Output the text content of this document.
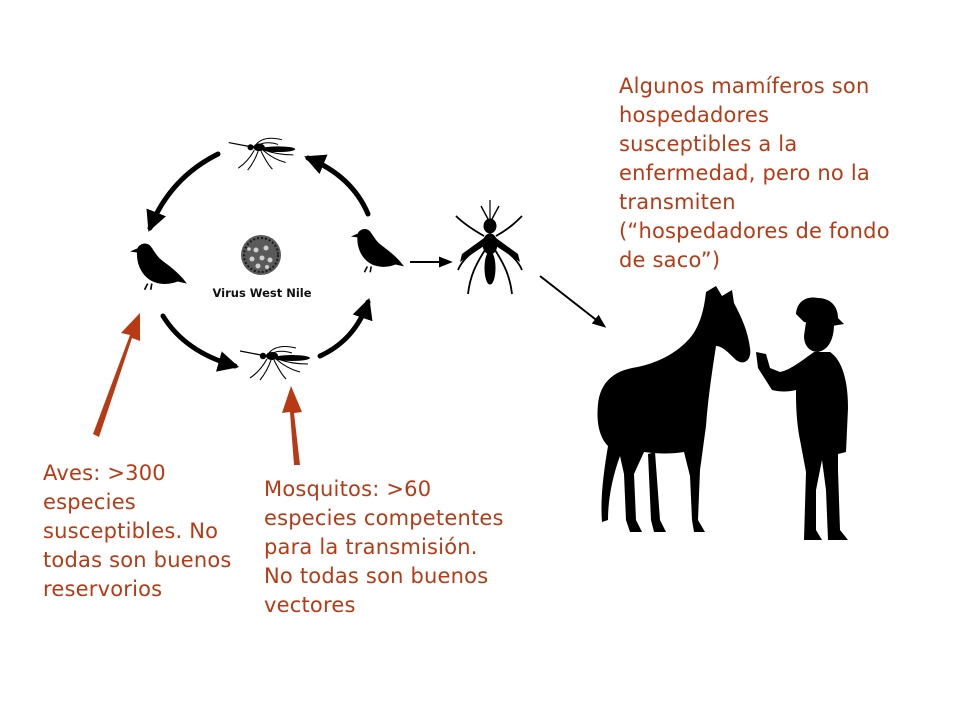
Virus West Nile
Algunos mamíferos son
hospedadores
susceptibles a la
enfermedad, pero no la
transmiten
(“hospedadores de fondo
de saco”)
Aves: >300
especies
susceptibles. No
todas son buenos
reservorios
Mosquitos: >60
especies competentes
para la transmisión.
No todas son buenos
vectores
